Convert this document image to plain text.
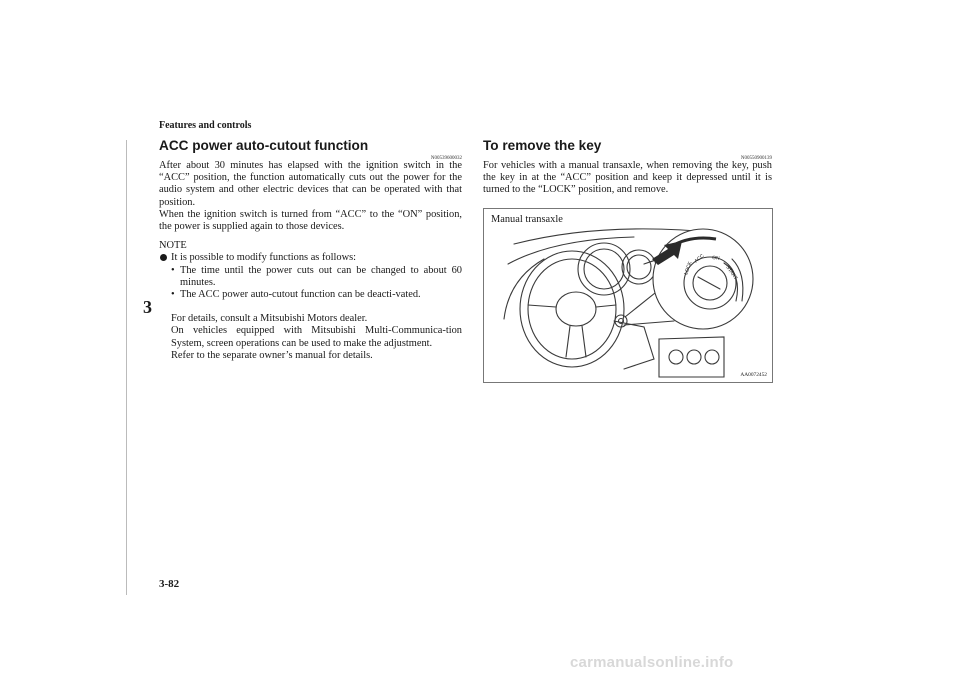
Features and controls
3
ACC power auto-cutout function
N00539600032

After about 30 minutes has elapsed with the ignition switch in the “ACC” position, the function automatically cuts out the power for the audio system and other electric devices that can be operated with that position.

When the ignition switch is turned from “ACC” to the “ON” position, the power is supplied again to those devices.

NOTE

It is possible to modify functions as follows:
• The time until the power cuts out can be changed to about 60 minutes.
• The ACC power auto-cutout function can be deacti-vated.

For details, consult a Mitsubishi Motors dealer.

On vehicles equipped with Mitsubishi Multi-Communica-tion System, screen operations can be used to make the adjustment.

Refer to the separate owner’s manual for details.

To remove the key
N00550900139

For vehicles with a manual transaxle, when removing the key, push the key in at the “ACC” position and keep it depressed until it is turned to the “LOCK” position, and remove.

LOCK
ACC ON
START
Manual transaxle
AA0072452
3-82
carmanualsonline.info
